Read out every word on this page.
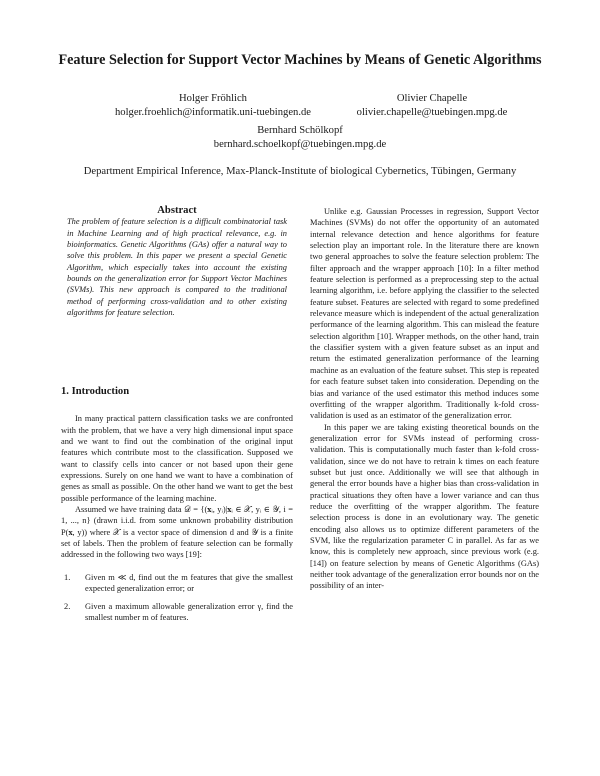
Feature Selection for Support Vector Machines by Means of Genetic Algorithms
Holger Fröhlich
holger.froehlich@informatik.uni-tuebingen.de
Olivier Chapelle
olivier.chapelle@tuebingen.mpg.de
Bernhard Schölkopf
bernhard.schoelkopf@tuebingen.mpg.de
Department Empirical Inference, Max-Planck-Institute of biological Cybernetics, Tübingen, Germany

Abstract

The problem of feature selection is a difficult combinatorial task in Machine Learning and of high practical relevance, e.g. in bioinformatics. Genetic Algorithms (GAs) offer a natural way to solve this problem. In this paper we present a special Genetic Algorithm, which especially takes into account the existing bounds on the generalization error for Support Vector Machines (SVMs). This new approach is compared to the traditional method of performing cross-validation and to other existing algorithms for feature selection.

1. Introduction

In many practical pattern classification tasks we are confronted with the problem, that we have a very high dimensional input space and we want to find out the combination of the original input features which contribute most to the classification. Supposed we want to classify cells into cancer or not based upon their gene expressions. Surely on one hand we want to have a combination of genes as small as possible. On the other hand we want to get the best possible performance of the learning machine.

Assumed we have training data 𝒟 = {(𝐱ᵢ, yᵢ)|𝐱ᵢ ∈ 𝒳, yᵢ ∈ 𝒴, i = 1, ..., n} (drawn i.i.d. from some unknown probability distribution P(𝐱, y)) where 𝒳 is a vector space of dimension d and 𝒴 is a finite set of labels. Then the problem of feature selection can be formally addressed in the following two ways [19]:

1. Given m ≪ d, find out the m features that give the smallest expected generalization error; or
2. Given a maximum allowable generalization error γ, find the smallest number m of features.

Unlike e.g. Gaussian Processes in regression, Support Vector Machines (SVMs) do not offer the opportunity of an automated internal relevance detection and hence algorithms for feature selection play an important role. In the literature there are known two general approaches to solve the feature selection problem: The filter approach and the wrapper approach [10]: In a filter method feature selection is performed as a preprocessing step to the actual learning algorithm, i.e. before applying the classifier to the selected feature subset. Features are selected with regard to some predefined relevance measure which is independent of the actual generalization performance of the learning algorithm. This can mislead the feature selection algorithm [10]. Wrapper methods, on the other hand, train the classifier system with a given feature subset as an input and return the estimated generalization performance of the learning machine as an evaluation of the feature subset. This step is repeated for each feature subset taken into consideration. Depending on the bias and variance of the used estimator this method induces some overfitting of the wrapper algorithm. Traditionally k-fold cross-validation is used as an estimator of the generalization error.

In this paper we are taking existing theoretical bounds on the generalization error for SVMs instead of performing cross-validation. This is computationally much faster than k-fold cross-validation, since we do not have to retrain k times on each feature subset but just once. Additionally we will see that although in general the error bounds have a higher bias than cross-validation in practical situations they often have a lower variance and can thus reduce the overfitting of the wrapper algorithm. The feature selection process is done in an evolutionary way. The genetic encoding also allows us to optimize different parameters of the SVM, like the regularization parameter C in parallel. As far as we know, this is completely new approach, since previous work (e.g. [14]) on feature selection by means of Genetic Algorithms (GAs) neither took advantage of the generalization error bounds nor on the possibility of an inter-
